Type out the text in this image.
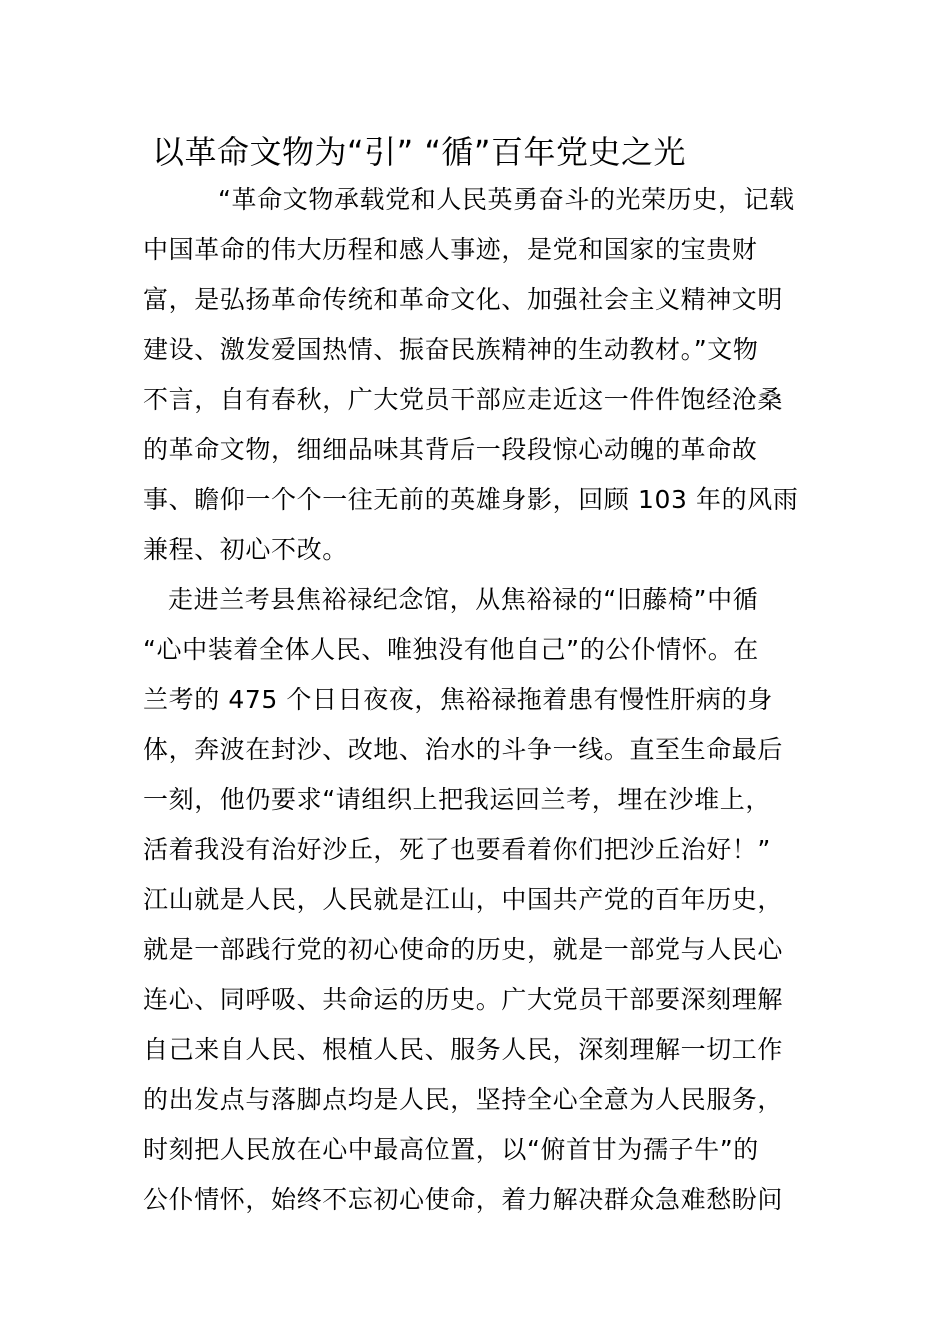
以革命文物为“引” “循”百年党史之光
“革命文物承载党和人民英勇奋斗的光荣历史，记载
中国革命的伟大历程和感人事迹，是党和国家的宝贵财
富，是弘扬革命传统和革命文化、加强社会主义精神文明
建设、激发爱国热情、振奋民族精神的生动教材。”文物
不言，自有春秋，广大党员干部应走近这一件件饱经沧桑
的革命文物，细细品味其背后一段段惊心动魄的革命故
事、瞻仰一个个一往无前的英雄身影，回顾 103 年的风雨
兼程、初心不改。
走进兰考县焦裕禄纪念馆，从焦裕禄的“旧藤椅”中循
“心中装着全体人民、唯独没有他自己”的公仆情怀。在
兰考的 475 个日日夜夜，焦裕禄拖着患有慢性肝病的身
体，奔波在封沙、改地、治水的斗争一线。直至生命最后
一刻，他仍要求“请组织上把我运回兰考，埋在沙堆上，
活着我没有治好沙丘，死了也要看着你们把沙丘治好！”
江山就是人民，人民就是江山，中国共产党的百年历史，
就是一部践行党的初心使命的历史，就是一部党与人民心
连心、同呼吸、共命运的历史。广大党员干部要深刻理解
自己来自人民、根植人民、服务人民，深刻理解一切工作
的出发点与落脚点均是人民，坚持全心全意为人民服务，
时刻把人民放在心中最高位置，以“俯首甘为孺子牛”的
公仆情怀，始终不忘初心使命，着力解决群众急难愁盼问
